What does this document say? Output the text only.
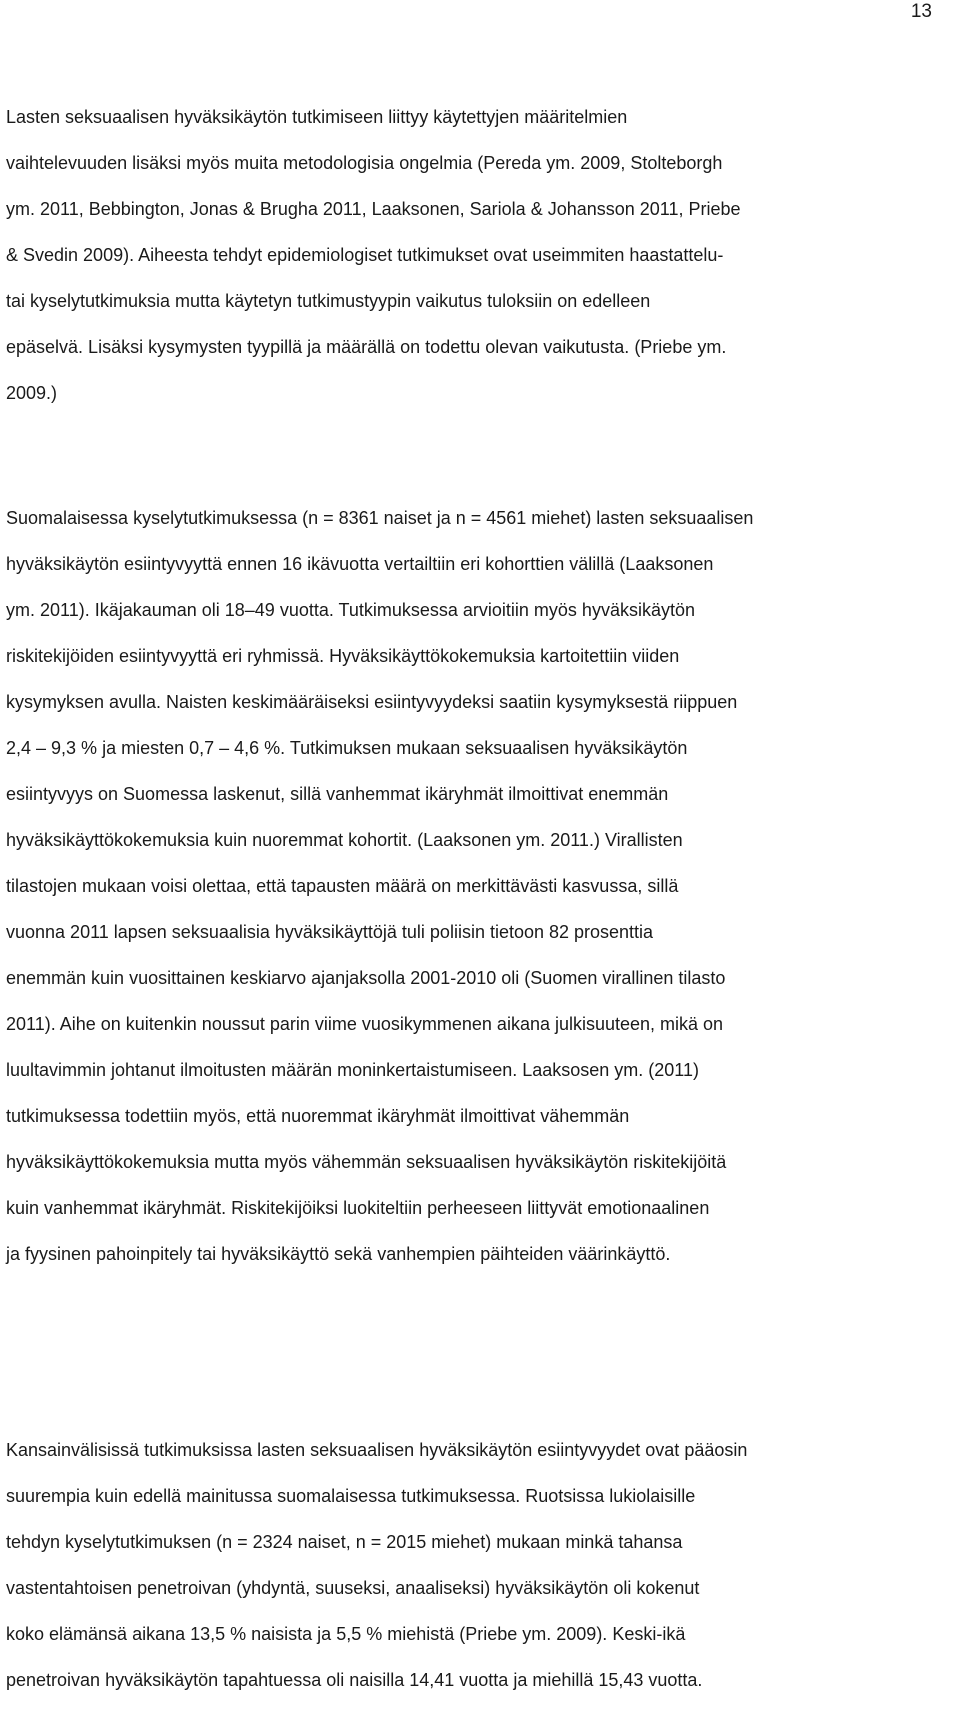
13

Lasten seksuaalisen hyväksikäytön tutkimiseen liittyy käytettyjen määritelmien
vaihtelevuuden lisäksi myös muita metodologisia ongelmia (Pereda ym. 2009, Stolteborgh
ym. 2011, Bebbington, Jonas & Brugha 2011, Laaksonen, Sariola & Johansson 2011, Priebe
& Svedin 2009). Aiheesta tehdyt epidemiologiset tutkimukset ovat useimmiten haastattelu-
tai kyselytutkimuksia mutta käytetyn tutkimustyypin vaikutus tuloksiin on edelleen
epäselvä. Lisäksi kysymysten tyypillä ja määrällä on todettu olevan vaikutusta. (Priebe ym.
2009.)

Suomalaisessa kyselytutkimuksessa (n = 8361 naiset ja n = 4561 miehet) lasten seksuaalisen
hyväksikäytön esiintyvyyttä ennen 16 ikävuotta vertailtiin eri kohorttien välillä (Laaksonen
ym. 2011). Ikäjakauman oli 18–49 vuotta. Tutkimuksessa arvioitiin myös hyväksikäytön
riskitekijöiden esiintyvyyttä eri ryhmissä. Hyväksikäyttökokemuksia kartoitettiin viiden
kysymyksen avulla. Naisten keskimääräiseksi esiintyvyydeksi saatiin kysymyksestä riippuen
2,4 – 9,3 % ja miesten 0,7 – 4,6 %. Tutkimuksen mukaan seksuaalisen hyväksikäytön
esiintyvyys on Suomessa laskenut, sillä vanhemmat ikäryhmät ilmoittivat enemmän
hyväksikäyttökokemuksia kuin nuoremmat kohortit. (Laaksonen ym. 2011.) Virallisten
tilastojen mukaan voisi olettaa, että tapausten määrä on merkittävästi kasvussa, sillä
vuonna 2011 lapsen seksuaalisia hyväksikäyttöjä tuli poliisin tietoon 82 prosenttia
enemmän kuin vuosittainen keskiarvo ajanjaksolla 2001-2010 oli (Suomen virallinen tilasto
2011). Aihe on kuitenkin noussut parin viime vuosikymmenen aikana julkisuuteen, mikä on
luultavimmin johtanut ilmoitusten määrän moninkertaistumiseen. Laaksosen ym. (2011)
tutkimuksessa todettiin myös, että nuoremmat ikäryhmät ilmoittivat vähemmän
hyväksikäyttökokemuksia mutta myös vähemmän seksuaalisen hyväksikäytön riskitekijöitä
kuin vanhemmat ikäryhmät. Riskitekijöiksi luokiteltiin perheeseen liittyvät emotionaalinen
ja fyysinen pahoinpitely tai hyväksikäyttö sekä vanhempien päihteiden väärinkäyttö.

Kansainvälisissä tutkimuksissa lasten seksuaalisen hyväksikäytön esiintyvyydet ovat pääosin
suurempia kuin edellä mainitussa suomalaisessa tutkimuksessa. Ruotsissa lukiolaisille
tehdyn kyselytutkimuksen (n = 2324 naiset, n = 2015 miehet) mukaan minkä tahansa
vastentahtoisen penetroivan (yhdyntä, suuseksi, anaaliseksi) hyväksikäytön oli kokenut
koko elämänsä aikana 13,5 % naisista ja 5,5 % miehistä (Priebe ym. 2009). Keski-ikä
penetroivan hyväksikäytön tapahtuessa oli naisilla 14,41 vuotta ja miehillä 15,43 vuotta.
